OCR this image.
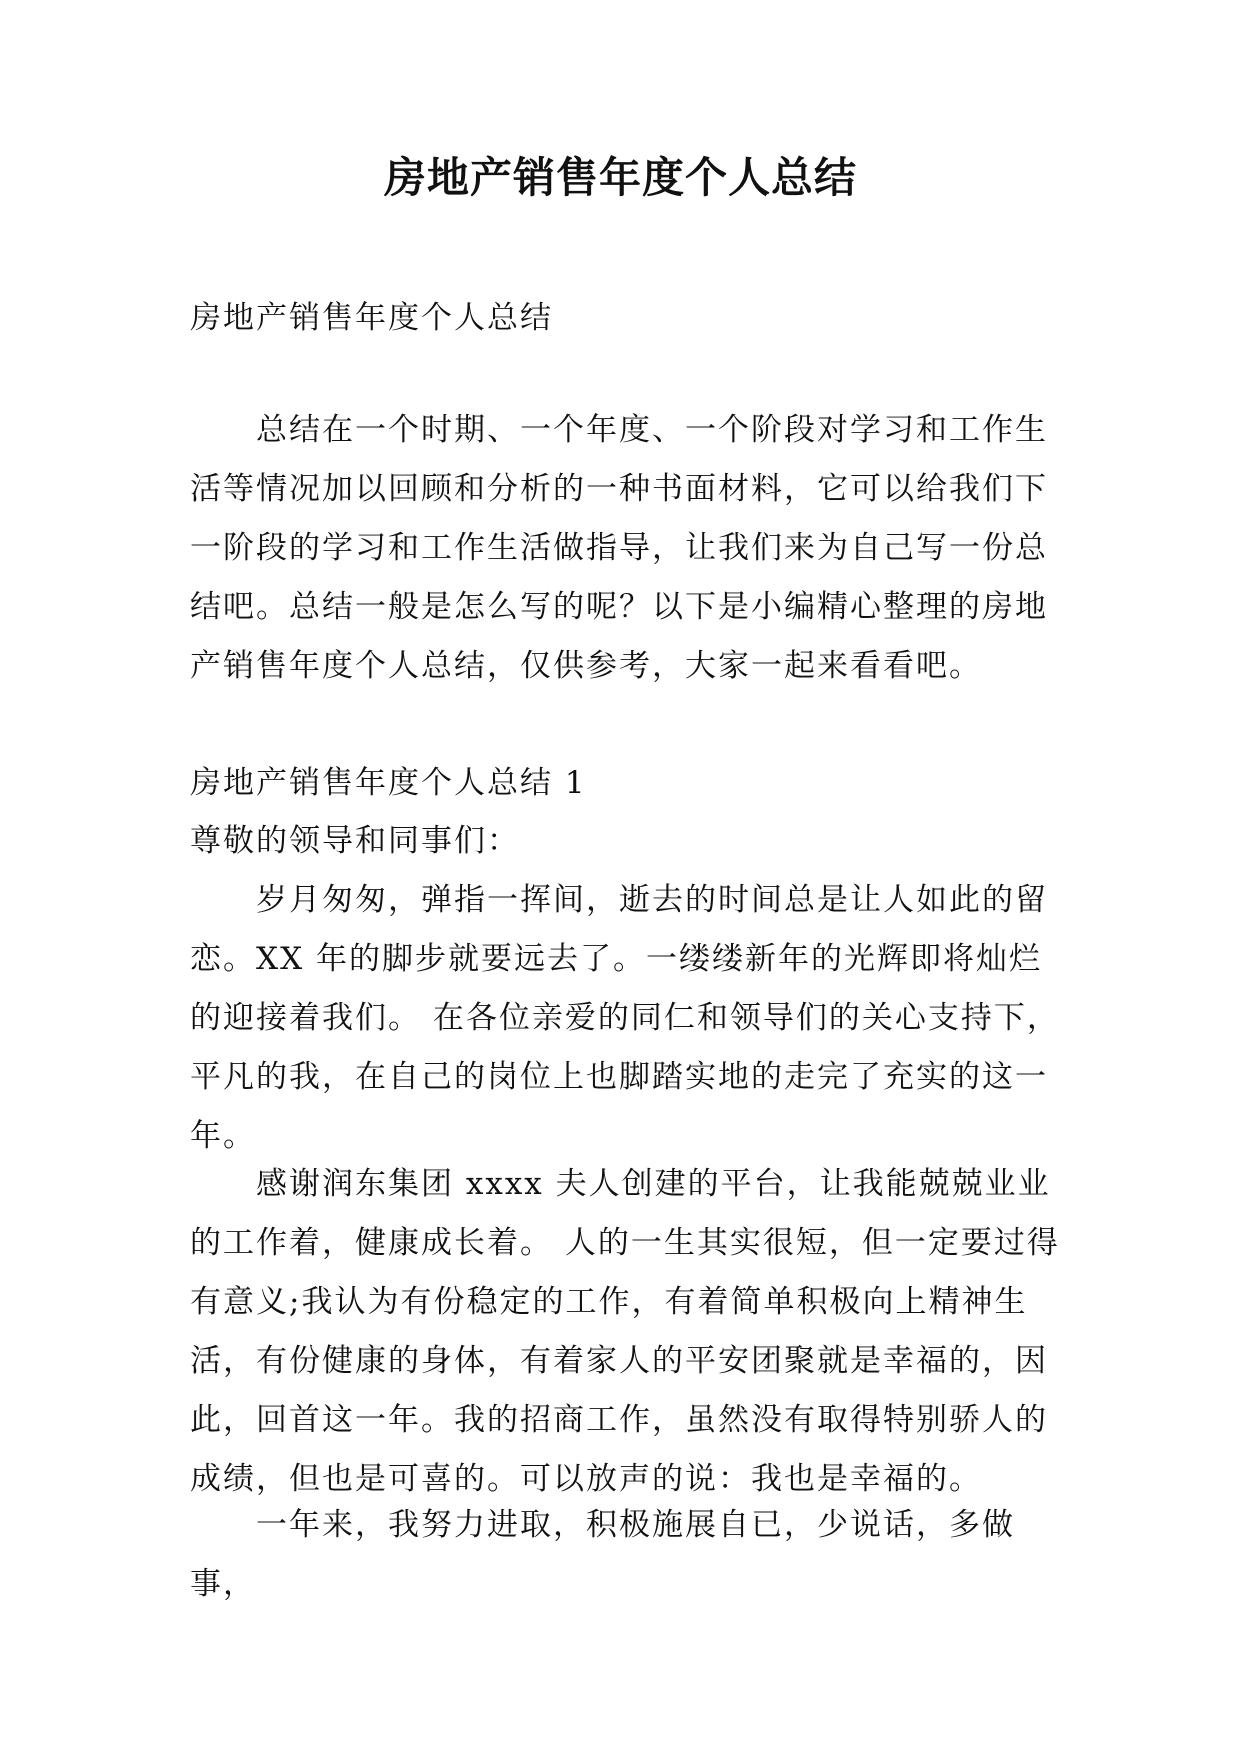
房地产销售年度个人总结

房地产销售年度个人总结

总结在一个时期、一个年度、一个阶段对学习和工作生活等情况加以回顾和分析的一种书面材料，它可以给我们下一阶段的学习和工作生活做指导，让我们来为自己写一份总结吧。总结一般是怎么写的呢？以下是小编精心整理的房地产销售年度个人总结，仅供参考，大家一起来看看吧。

房地产销售年度个人总结 1

尊敬的领导和同事们：

岁月匆匆，弹指一挥间，逝去的时间总是让人如此的留恋。XX 年的脚步就要远去了。一缕缕新年的光辉即将灿烂的迎接着我们。 在各位亲爱的同仁和领导们的关心支持下，平凡的我，在自己的岗位上也脚踏实地的走完了充实的这一年。

感谢润东集团 xxxx 夫人创建的平台，让我能兢兢业业的工作着，健康成长着。 人的一生其实很短，但一定要过得有意义;我认为有份稳定的工作，有着简单积极向上精神生活，有份健康的身体，有着家人的平安团聚就是幸福的，因此，回首这一年。我的招商工作，虽然没有取得特别骄人的成绩，但也是可喜的。可以放声的说：我也是幸福的。

一年来，我努力进取，积极施展自已，少说话，多做事，
